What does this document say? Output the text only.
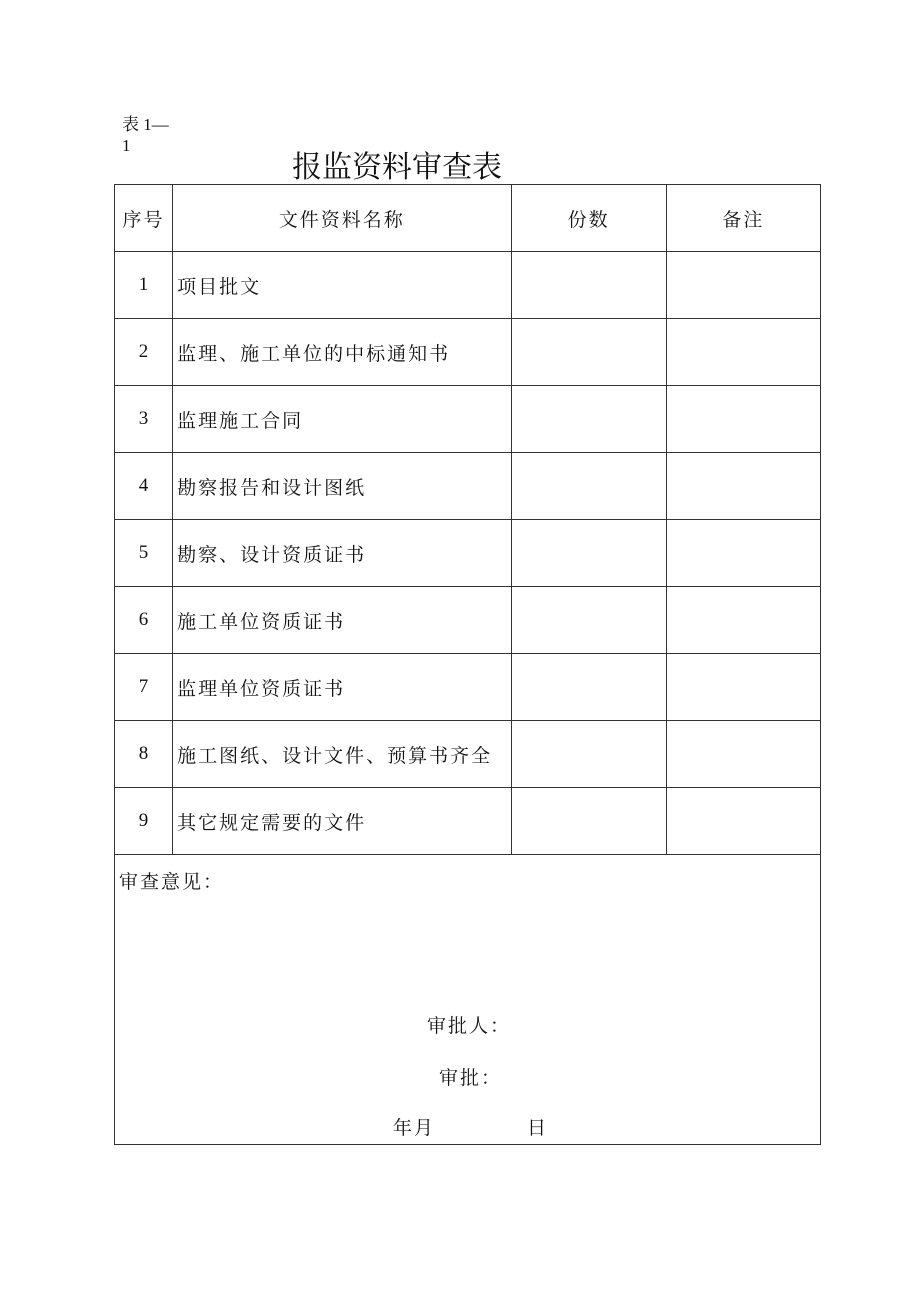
表 1—1
报监资料审查表
序号	文件资料名称	份数	备注
1	项目批文		
2	监理、施工单位的中标通知书		
3	监理施工合同		
4	勘察报告和设计图纸		
5	勘察、设计资质证书		
6	施工单位资质证书		
7	监理单位资质证书		
8	施工图纸、设计文件、预算书齐全		
9	其它规定需要的文件		

审查意见：
审批人：
审批：
年月 日			
